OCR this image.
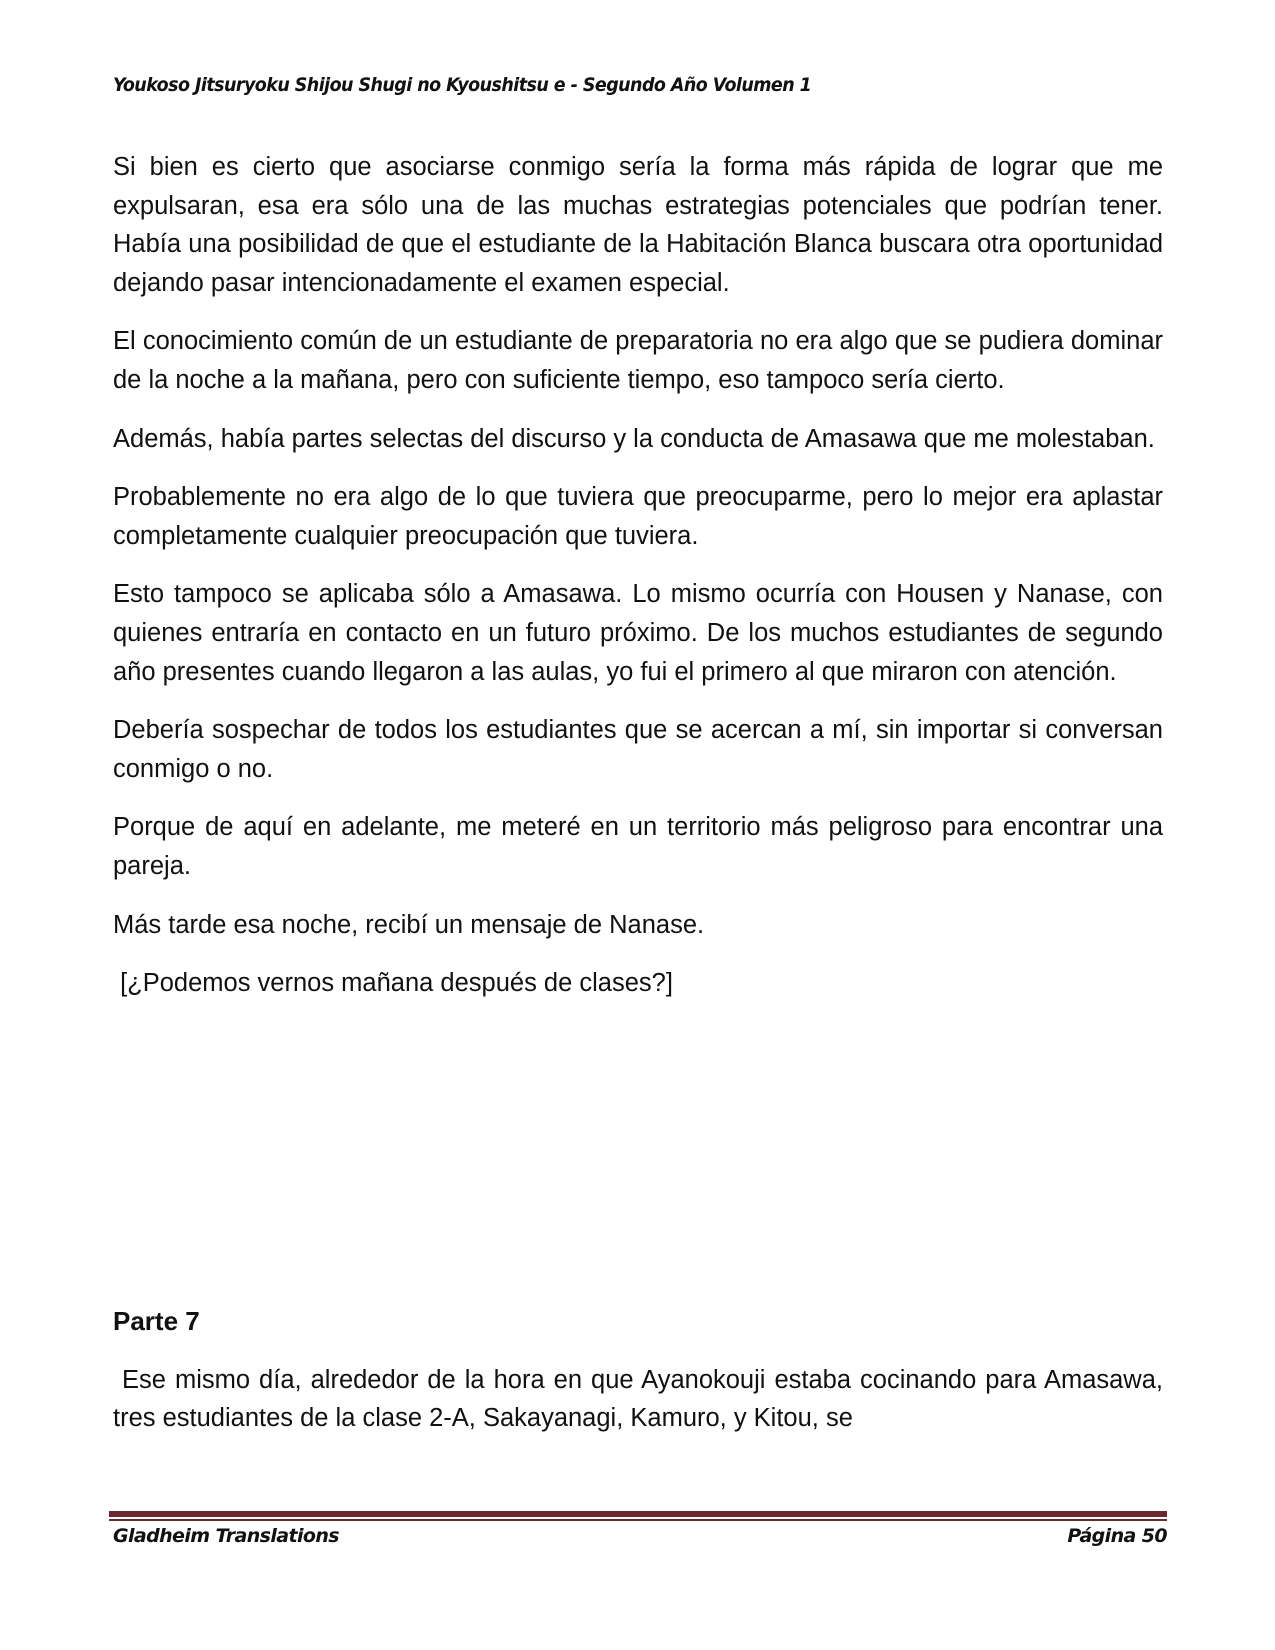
Youkoso Jitsuryoku Shijou Shugi no Kyoushitsu e - Segundo Año Volumen 1

Si bien es cierto que asociarse conmigo sería la forma más rápida de lograr que me expulsaran, esa era sólo una de las muchas estrategias potenciales que podrían tener. Había una posibilidad de que el estudiante de la Habitación Blanca buscara otra oportunidad dejando pasar intencionadamente el examen especial.

El conocimiento común de un estudiante de preparatoria no era algo que se pudiera dominar de la noche a la mañana, pero con suficiente tiempo, eso tampoco sería cierto.

Además, había partes selectas del discurso y la conducta de Amasawa que me molestaban.

Probablemente no era algo de lo que tuviera que preocuparme, pero lo mejor era aplastar completamente cualquier preocupación que tuviera.

Esto tampoco se aplicaba sólo a Amasawa. Lo mismo ocurría con Housen y Nanase, con quienes entraría en contacto en un futuro próximo. De los muchos estudiantes de segundo año presentes cuando llegaron a las aulas, yo fui el primero al que miraron con atención.

Debería sospechar de todos los estudiantes que se acercan a mí, sin importar si conversan conmigo o no.

Porque de aquí en adelante, me meteré en un territorio más peligroso para encontrar una pareja.

Más tarde esa noche, recibí un mensaje de Nanase.

[¿Podemos vernos mañana después de clases?]

Parte 7

Ese mismo día, alrededor de la hora en que Ayanokouji estaba cocinando para Amasawa, tres estudiantes de la clase 2-A, Sakayanagi, Kamuro, y Kitou, se

Gladheim Translations	Página 50
